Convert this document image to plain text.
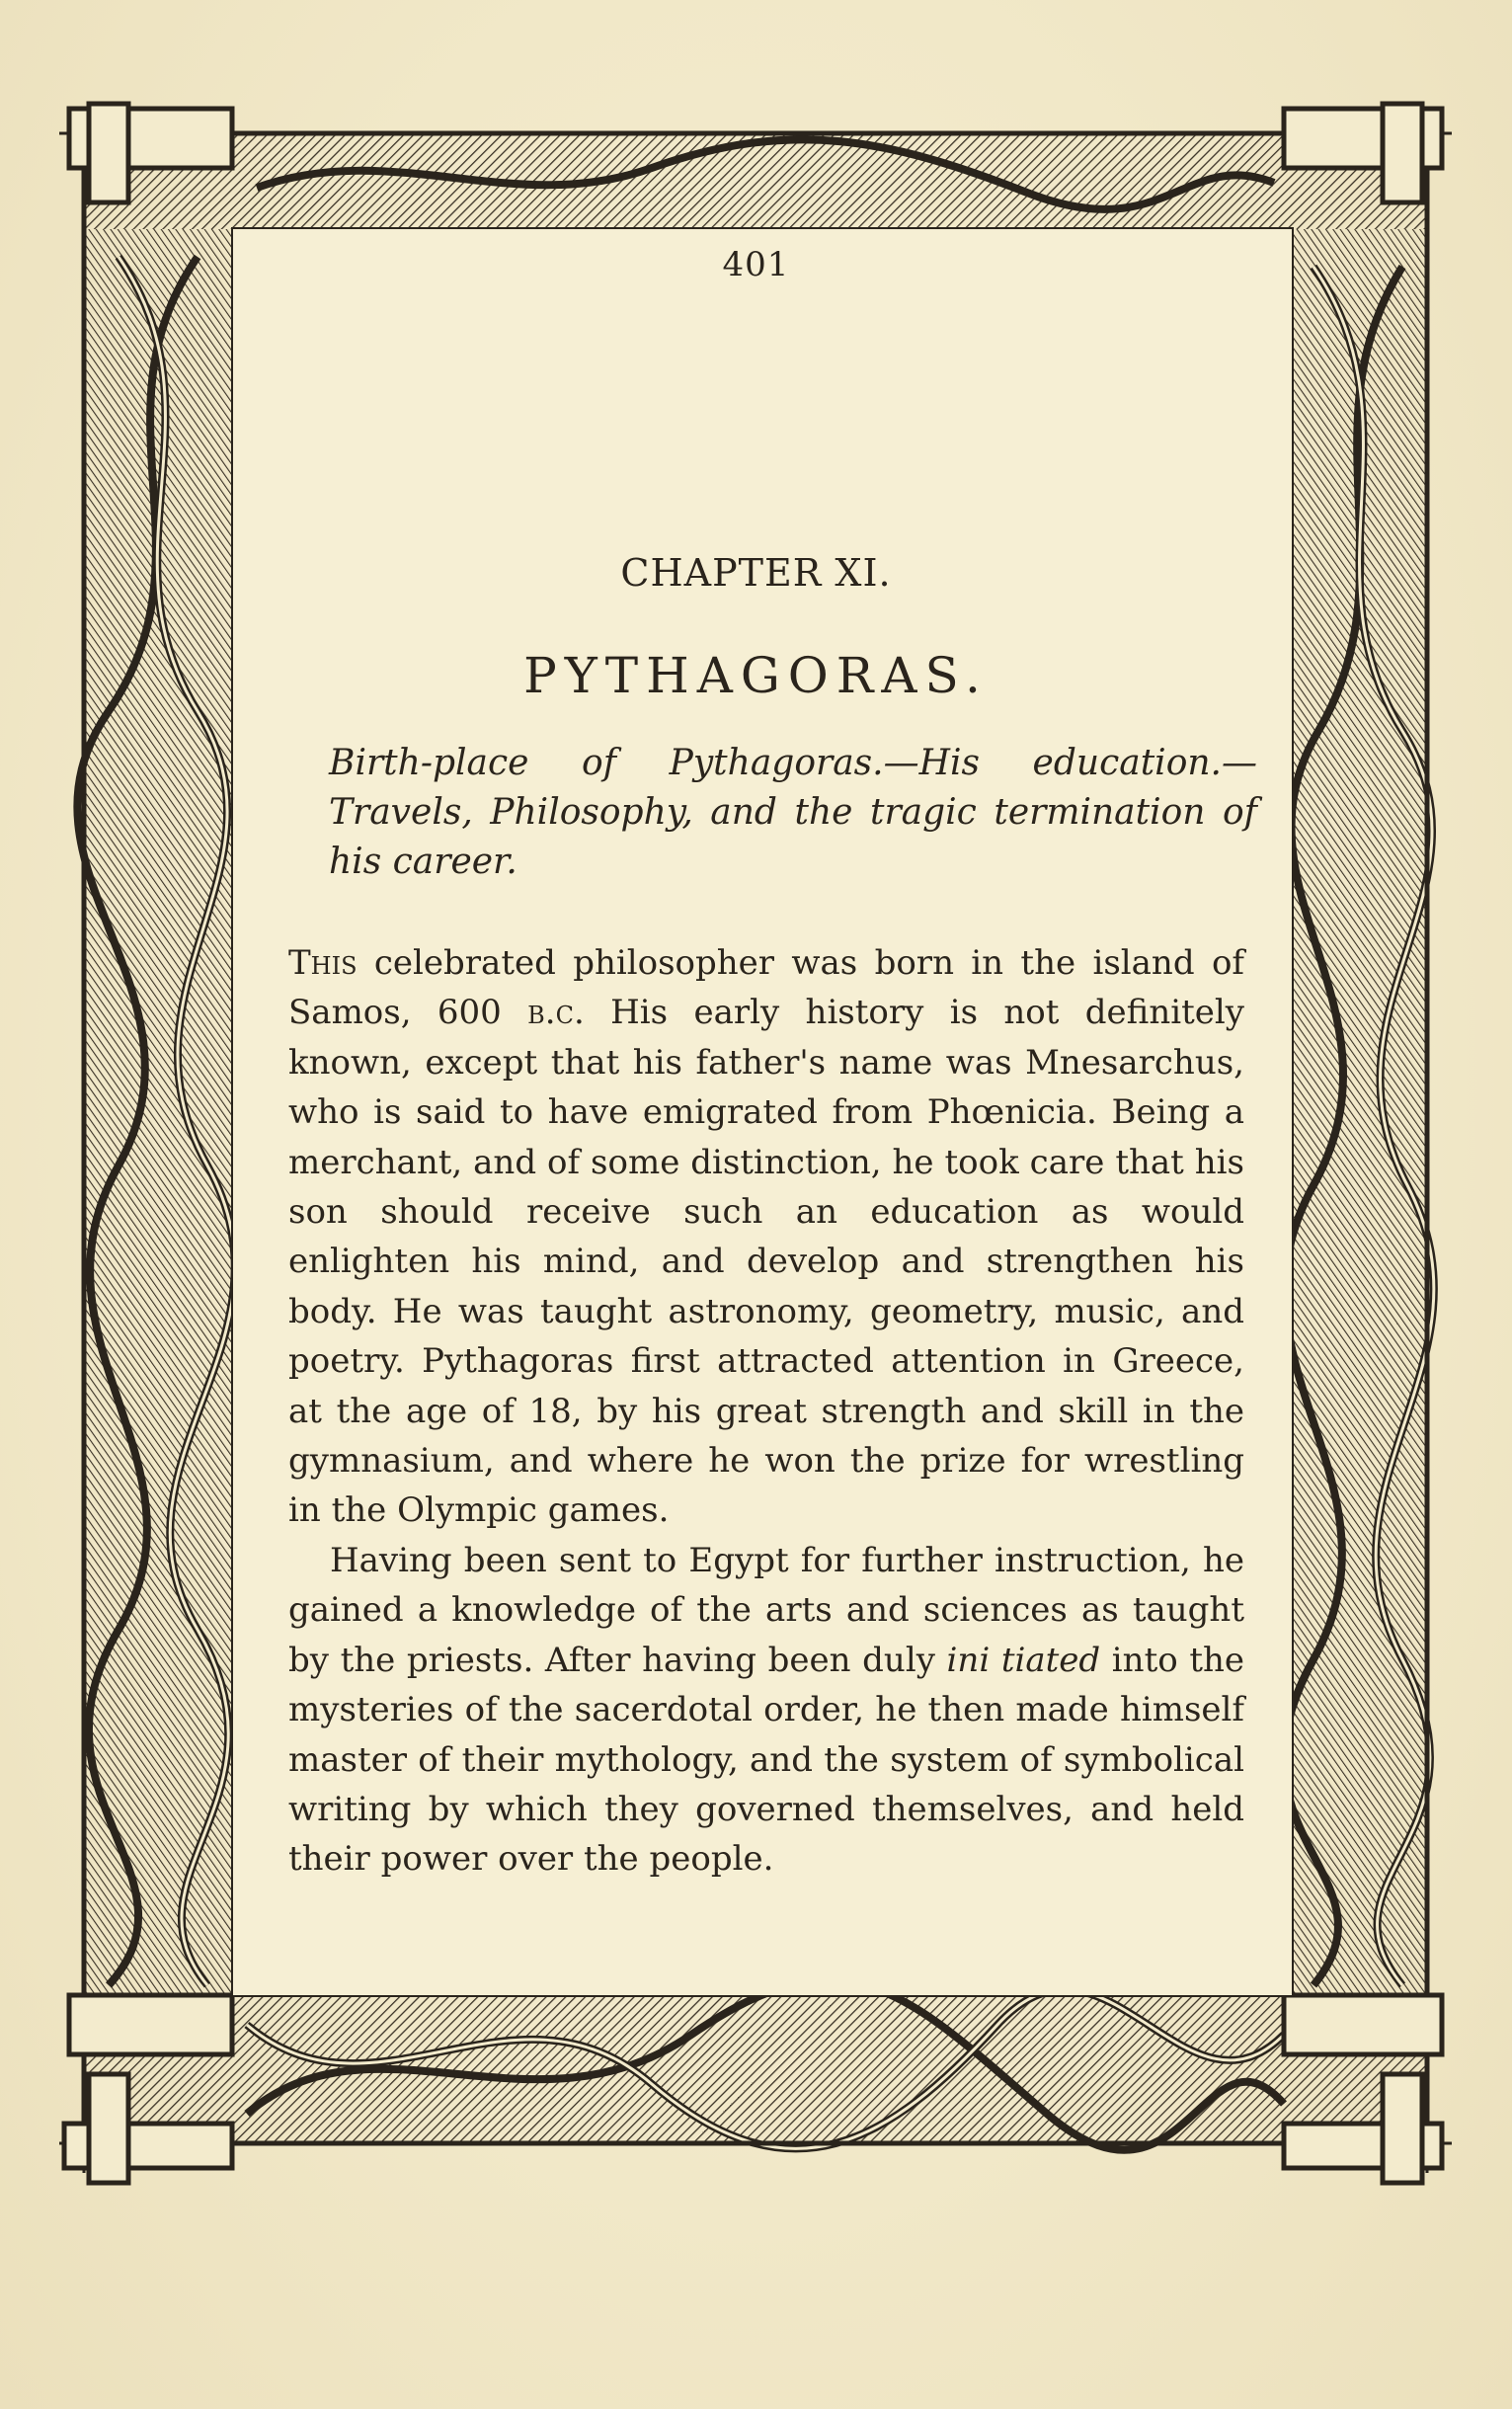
401
CHAPTER XI.
PYTHAGORAS.
Birth-place of Pythagoras.—His education.— Travels, Philosophy, and the tragic termination of his career.

This celebrated philosopher was born in the island of Samos, 600 b.c. His early history is not definitely known, except that his father's name was Mnesarchus, who is said to have emigrated from Phœnicia. Being a merchant, and of some distinction, he took care that his son should receive such an education as would enlighten his mind, and develop and strengthen his body. He was taught astronomy, geometry, music, and poetry. Pythagoras first attracted attention in Greece, at the age of 18, by his great strength and skill in the gymnasium, and where he won the prize for wrestling in the Olympic games.

Having been sent to Egypt for further instruction, he gained a knowledge of the arts and sciences as taught by the priests. After having been duly ini tiated into the mysteries of the sacerdotal order, he then made himself master of their mythology, and the system of symbolical writing by which they governed themselves, and held their power over the people.
